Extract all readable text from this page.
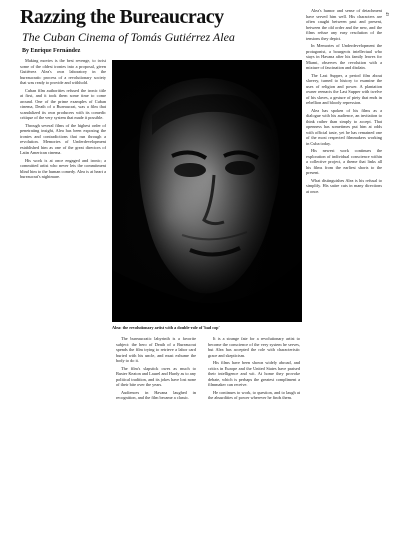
Razzing the Bureaucracy
The Cuban Cinema of Tomás Gutiérrez Alea
By Enrique Fernández

Making movies is the best revenge, to twist some of the oldest ironies into a proposal, given Gutiérrez Alea's own laboratory in the bureaucratic process of a revolutionary society that was ready to provide and withhold.

Cuban film authorities refused the ironic title at first, and it took them some time to come around. One of the prime examples of Cuban cinema, Death of a Bureaucrat, was a film that scandalized its own producers with its comedic critique of the very system that made it possible.

Through several films of the highest order of penetrating insight, Alea has been exposing the ironies and contradictions that run through a revolution. Memories of Underdevelopment established him as one of the great directors of Latin American cinema.

His work is at once engaged and ironic; a committed artist who never lets the commitment blind him to the human comedy. Alea is at heart a bureaucrat's nightmare.

Alea: the revolutionary artist with a double-role of 'bad cop'

The bureaucratic labyrinth is a favorite subject: the hero of Death of a Bureaucrat spends the film trying to retrieve a labor card buried with his uncle, and must exhume the body to do it.

The film's slapstick owes as much to Buster Keaton and Laurel and Hardy as to any political tradition, and its jokes have lost none of their bite over the years.

Audiences in Havana laughed in recognition, and the film became a classic.

It is a strange fate for a revolutionary artist to become the conscience of the very system he serves, but Alea has accepted the role with characteristic grace and skepticism.

His films have been shown widely abroad, and critics in Europe and the United States have praised their intelligence and wit. At home they provoke debate, which is perhaps the greatest compliment a filmmaker can receive.

He continues to work, to question, and to laugh at the absurdities of power wherever he finds them.

Alea's humor and sense of detachment have served him well. His characters are often caught between past and present, between the old order and the new, and the films refuse any easy resolution of the tensions they depict.

In Memories of Underdevelopment the protagonist, a bourgeois intellectual who stays in Havana after his family leaves for Miami, observes the revolution with a mixture of fascination and disdain.

The Last Supper, a period film about slavery, turned to history to examine the uses of religion and power. A plantation owner reenacts the Last Supper with twelve of his slaves, a gesture of piety that ends in rebellion and bloody repression.

Alea has spoken of his films as a dialogue with his audience, an invitation to think rather than simply to accept. That openness has sometimes put him at odds with official taste, yet he has remained one of the most respected filmmakers working in Cuba today.

His newest work continues the exploration of individual conscience within a collective project, a theme that links all his films from the earliest shorts to the present.

What distinguishes Alea is his refusal to simplify. His satire cuts in many directions at once.

43
